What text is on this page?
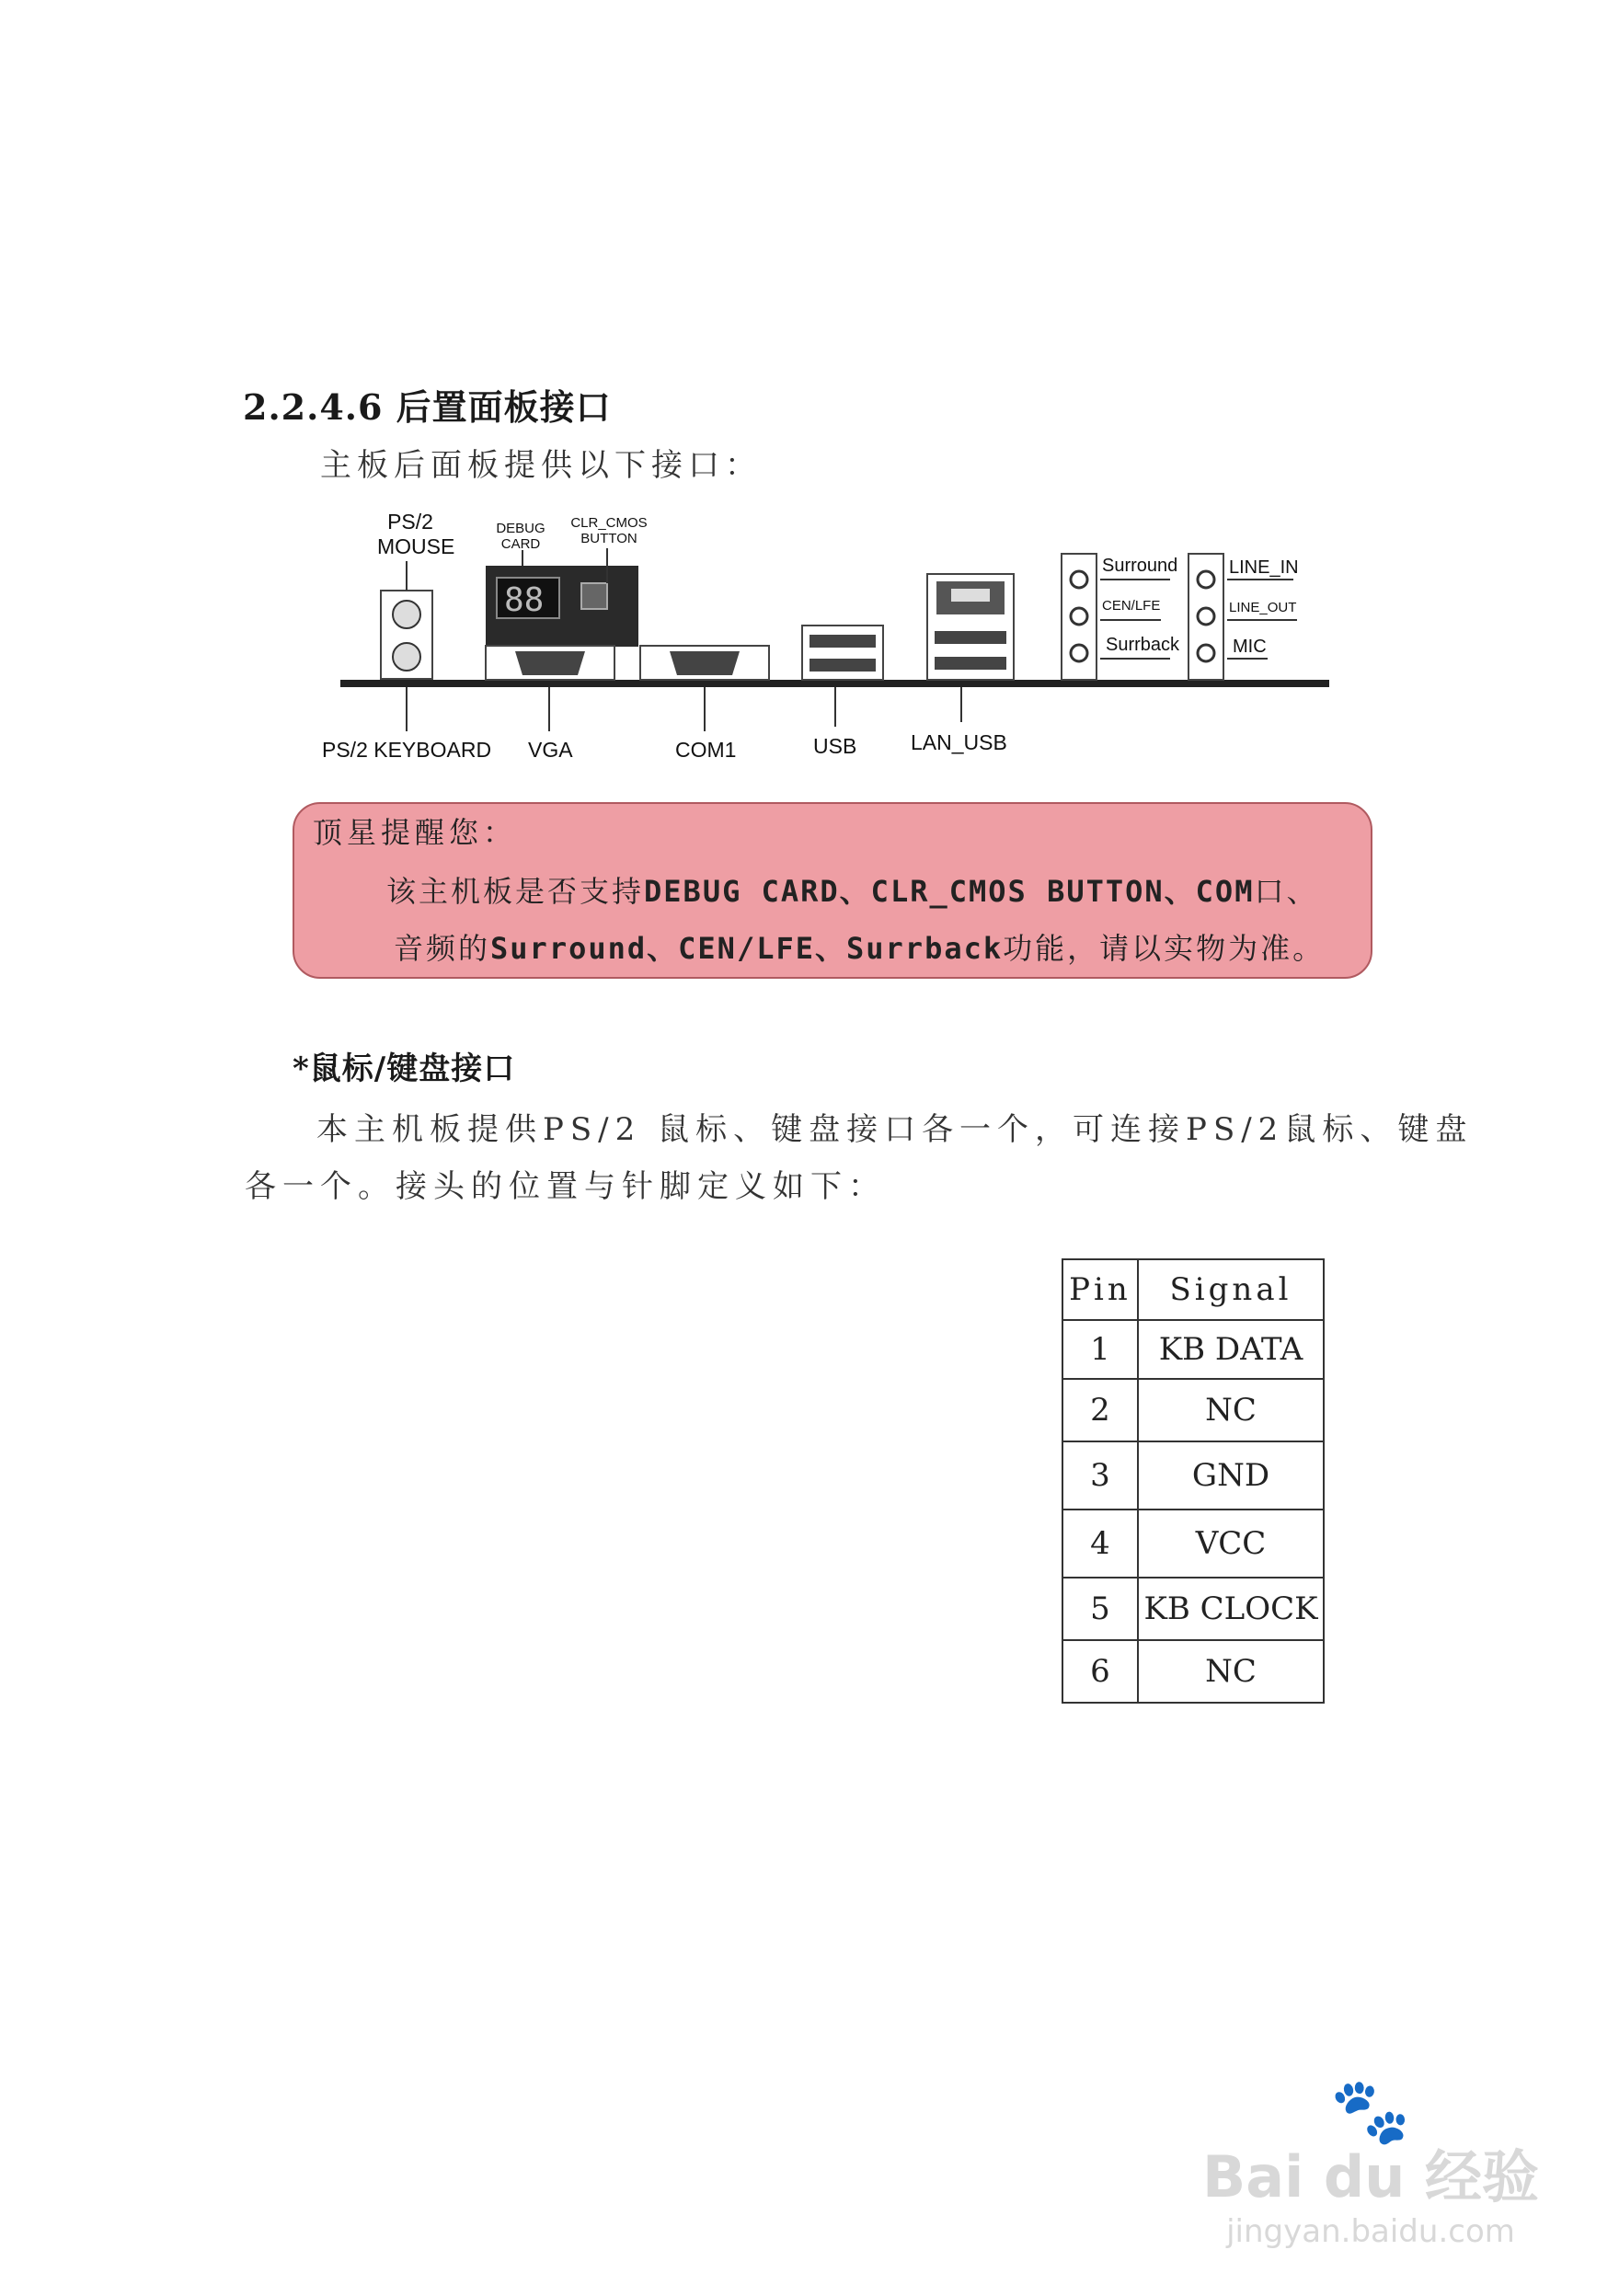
2.2.4.6 后置面板接口
主板后面板提供以下接口：
88
PS/2
MOUSE
DEBUG
CARD
CLR_CMOS
BUTTON
PS/2 KEYBOARD VGA	COM1	USB	LAN_USB
Surround
CEN/LFE
Surrback
LINE_IN
LINE_OUT
MIC
顶星提醒您：
该主机板是否支持DEBUG CARD、CLR_CMOS BUTTON、COM口、
音频的Surround、CEN/LFE、Surrback功能，请以实物为准。
*鼠标/键盘接口
本主机板提供PS/2 鼠标、键盘接口各一个，可连接PS/2鼠标、键盘
各一个。接头的位置与针脚定义如下：
Pin	Signal
1	KB DATA
2	NC
3	GND
4	VCC
5	KB CLOCK
6	NC
🐾
Bai du 经验
jingyan.baidu.com
